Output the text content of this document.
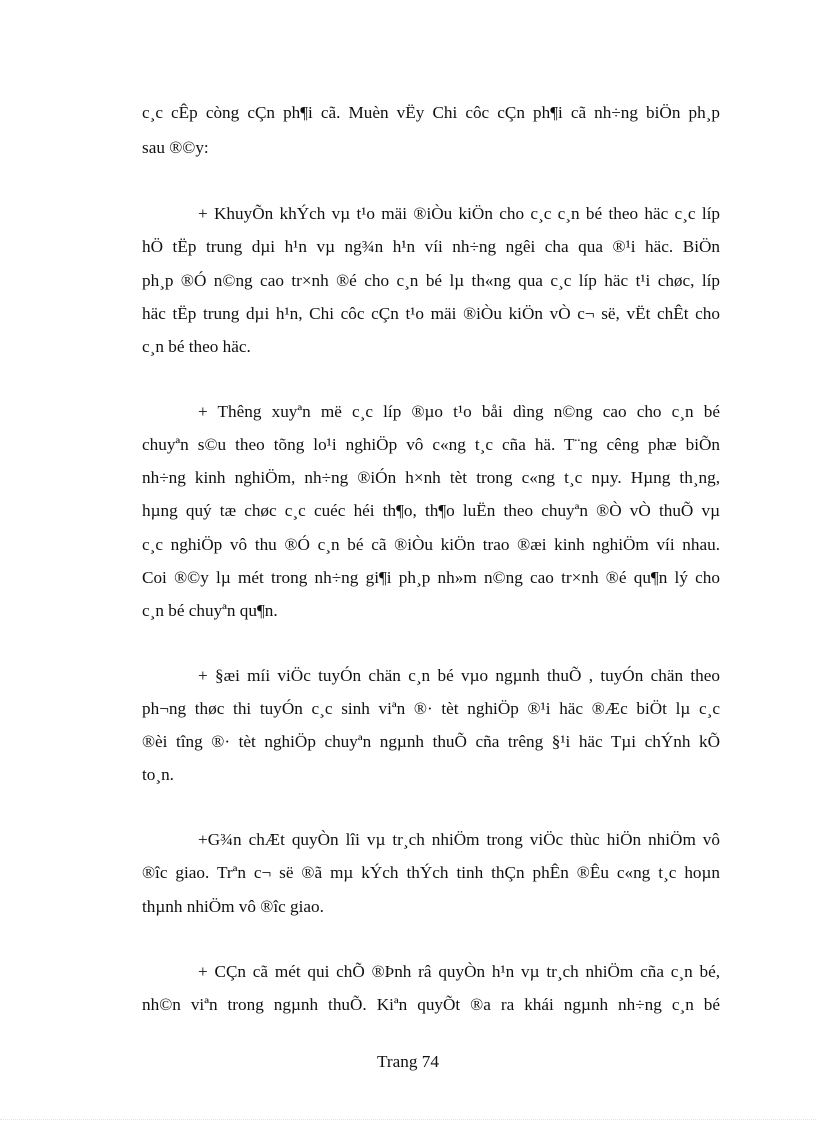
c¸c cÊp còng cÇn ph¶i cã. Muèn vËy Chi côc cÇn ph¶i cã nh÷ng biÖn ph¸p
sau ®©y:
+ KhuyÕn khÝch vµ t¹o mäi ®iÒu kiÖn cho c¸c c¸n bé theo häc c¸c líp
hÖ tËp trung dµi h¹n vµ ng¾n h¹n víi nh÷ng ngêi cha qua ®¹i häc. BiÖn
ph¸p ®Ó n©ng cao tr×nh ®é cho c¸n bé lµ th«ng qua c¸c líp häc t¹i chøc, líp
häc tËp trung dµi h¹n, Chi côc cÇn t¹o mäi ®iÒu kiÖn vÒ c¬ së, vËt chÊt cho
c¸n bé theo häc.
+ Thêng xuyªn më c¸c líp ®µo t¹o båi dìng n©ng cao cho c¸n bé
chuyªn s©u theo tõng lo¹i nghiÖp vô c«ng t¸c cña hä. T¨ng cêng phæ biÕn
nh÷ng kinh nghiÖm, nh÷ng ®iÓn h×nh tèt trong c«ng t¸c nµy. Hµng th¸ng,
hµng quý tæ chøc c¸c cuéc héi th¶o, th¶o luËn theo chuyªn ®Ò vÒ thuÕ vµ
c¸c nghiÖp vô thu ®Ó c¸n bé cã ®iÒu kiÖn trao ®æi kinh nghiÖm víi nhau.
Coi ®©y lµ mét trong nh÷ng gi¶i ph¸p nh»m n©ng cao tr×nh ®é qu¶n lý cho
c¸n bé chuyªn qu¶n.
+ §æi míi viÖc tuyÓn chän c¸n bé vµo ngµnh thuÕ , tuyÓn chän theo
ph¬ng thøc thi tuyÓn c¸c sinh viªn ®· tèt nghiÖp ®¹i häc ®Æc biÖt lµ c¸c
®èi tîng ®· tèt nghiÖp chuyªn ngµnh thuÕ cña trêng §¹i häc Tµi chÝnh kÕ
to¸n.
+G¾n chÆt quyÒn lîi vµ tr¸ch nhiÖm trong viÖc thùc hiÖn nhiÖm vô
®îc giao. Trªn c¬ së ®ã mµ kÝch thÝch tinh thÇn phÊn ®Êu c«ng t¸c hoµn
thµnh nhiÖm vô ®îc giao.
+ CÇn cã mét qui chÕ ®Þnh râ quyÒn h¹n vµ tr¸ch nhiÖm cña c¸n bé,
nh©n viªn trong ngµnh thuÕ. Kiªn quyÕt ®a ra khái ngµnh nh÷ng c¸n bé
Trang 74
